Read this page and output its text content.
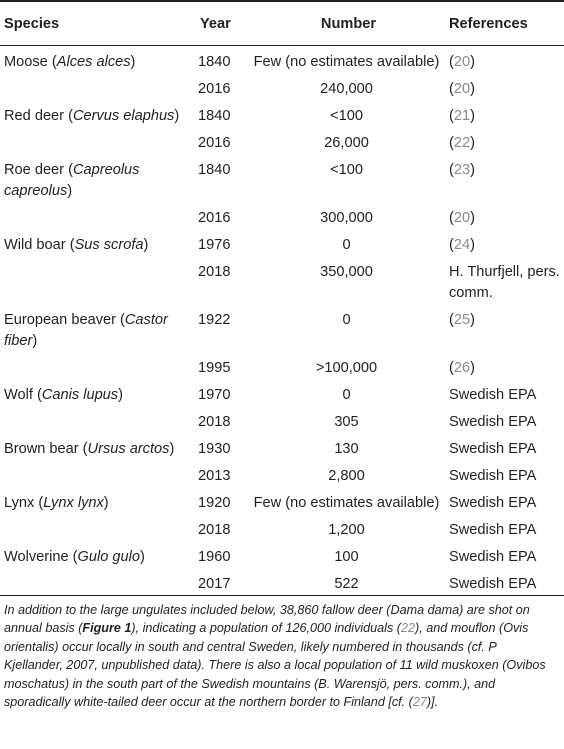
Species	Year	Number	References
Moose (Alces alces)	1840	Few (no estimates available)	(20)
	2016	240,000	(20)
Red deer (Cervus elaphus)	1840	<100	(21)
	2016	26,000	(22)
Roe deer (Capreolus capreolus)	1840	<100	(23)
	2016	300,000	(20)
Wild boar (Sus scrofa)	1976	0	(24)
	2018	350,000	H. Thurfjell, pers. comm.
European beaver (Castor fiber)	1922	0	(25)
	1995	>100,000	(26)
Wolf (Canis lupus)	1970	0	Swedish EPA
	2018	305	Swedish EPA
Brown bear (Ursus arctos)	1930	130	Swedish EPA
	2013	2,800	Swedish EPA
Lynx (Lynx lynx)	1920	Few (no estimates available)	Swedish EPA
	2018	1,200	Swedish EPA
Wolverine (Gulo gulo)	1960	100	Swedish EPA
	2017	522	Swedish EPA
In addition to the large ungulates included below, 38,860 fallow deer (Dama dama) are shot on annual basis (Figure 1), indicating a population of 126,000 individuals (22), and mouflon (Ovis orientalis) occur locally in south and central Sweden, likely numbered in thousands (cf. P Kjellander, 2007, unpublished data). There is also a local population of 11 wild muskoxen (Ovibos moschatus) in the south part of the Swedish mountains (B. Warensjö, pers. comm.), and sporadically white-tailed deer occur at the northern border to Finland [cf. (27)].
